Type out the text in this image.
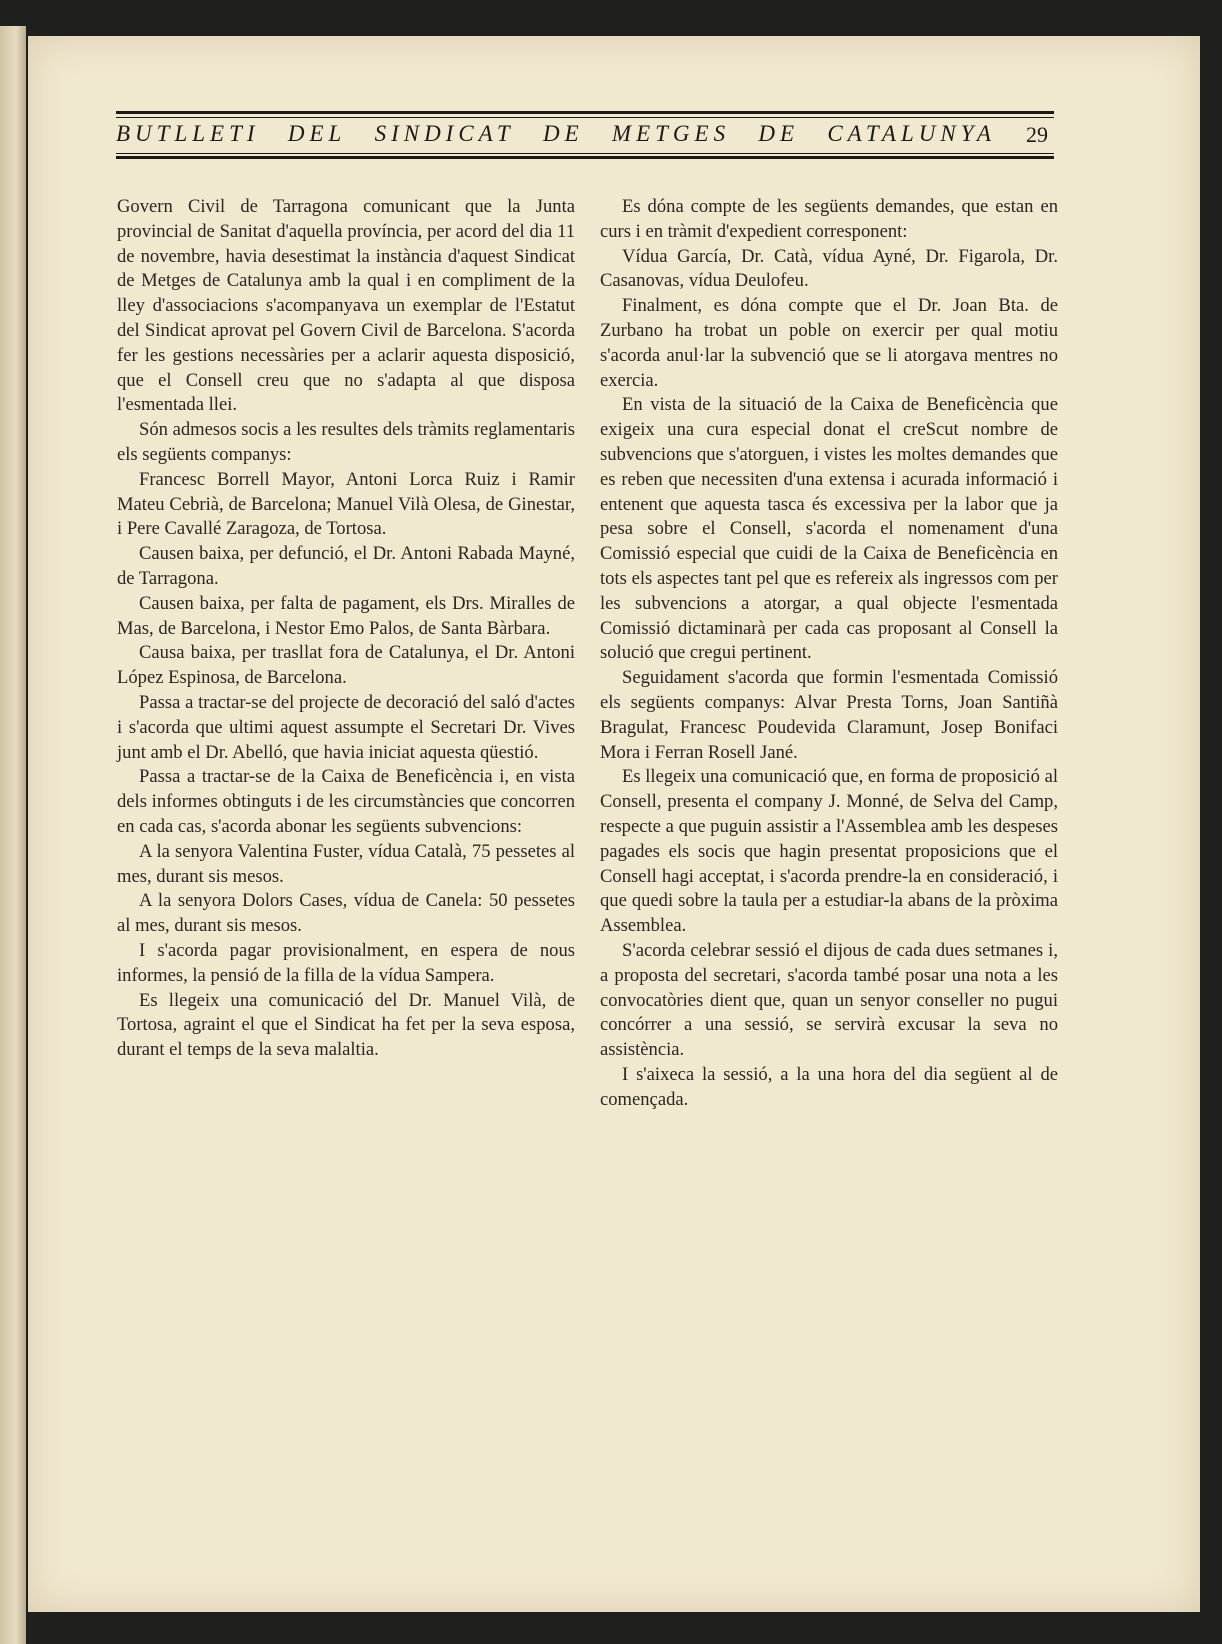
BUTLLETI DEL SINDICAT DE METGES DE CATALUNYA 29

Govern Civil de Tarragona comunicant que la Junta provincial de Sanitat d'aquella província, per acord del dia 11 de novembre, havia desestimat la instància d'aquest Sindicat de Metges de Catalunya amb la qual i en compliment de la lley d'associacions s'acompanyava un exemplar de l'Estatut del Sindicat aprovat pel Govern Civil de Barcelona. S'acorda fer les gestions necessàries per a aclarir aquesta disposició, que el Consell creu que no s'adapta al que disposa l'esmentada llei.

Són admesos socis a les resultes dels tràmits reglamentaris els següents companys:

Francesc Borrell Mayor, Antoni Lorca Ruiz i Ramir Mateu Cebrià, de Barcelona; Manuel Vilà Olesa, de Ginestar, i Pere Cavallé Zaragoza, de Tortosa.

Causen baixa, per defunció, el Dr. Antoni Rabada Mayné, de Tarragona.

Causen baixa, per falta de pagament, els Drs. Miralles de Mas, de Barcelona, i Nestor Emo Palos, de Santa Bàrbara.

Causa baixa, per trasllat fora de Catalunya, el Dr. Antoni López Espinosa, de Barcelona.

Passa a tractar-se del projecte de decoració del saló d'actes i s'acorda que ultimi aquest assumpte el Secretari Dr. Vives junt amb el Dr. Abelló, que havia iniciat aquesta qüestió.

Passa a tractar-se de la Caixa de Beneficència i, en vista dels informes obtinguts i de les circumstàncies que concorren en cada cas, s'acorda abonar les següents subvencions:

A la senyora Valentina Fuster, vídua Català, 75 pessetes al mes, durant sis mesos.

A la senyora Dolors Cases, vídua de Canela: 50 pessetes al mes, durant sis mesos.

I s'acorda pagar provisionalment, en espera de nous informes, la pensió de la filla de la vídua Sampera.

Es llegeix una comunicació del Dr. Manuel Vilà, de Tortosa, agraint el que el Sindicat ha fet per la seva esposa, durant el temps de la seva malaltia.

Es dóna compte de les següents demandes, que estan en curs i en tràmit d'expedient corresponent:

Vídua García, Dr. Catà, vídua Ayné, Dr. Figarola, Dr. Casanovas, vídua Deulofeu.

Finalment, es dóna compte que el Dr. Joan Bta. de Zurbano ha trobat un poble on exercir per qual motiu s'acorda anul·lar la subvenció que se li atorgava mentres no exercia.

En vista de la situació de la Caixa de Beneficència que exigeix una cura especial donat el creScut nombre de subvencions que s'atorguen, i vistes les moltes demandes que es reben que necessiten d'una extensa i acurada informació i entenent que aquesta tasca és excessiva per la labor que ja pesa sobre el Consell, s'acorda el nomenament d'una Comissió especial que cuidi de la Caixa de Beneficència en tots els aspectes tant pel que es refereix als ingressos com per les subvencions a atorgar, a qual objecte l'esmentada Comissió dictaminarà per cada cas proposant al Consell la solució que cregui pertinent.

Seguidament s'acorda que formin l'esmentada Comissió els següents companys: Alvar Presta Torns, Joan Santiñà Bragulat, Francesc Poudevida Claramunt, Josep Bonifaci Mora i Ferran Rosell Jané.

Es llegeix una comunicació que, en forma de proposició al Consell, presenta el company J. Monné, de Selva del Camp, respecte a que puguin assistir a l'Assemblea amb les despeses pagades els socis que hagin presentat proposicions que el Consell hagi acceptat, i s'acorda prendre-la en consideració, i que quedi sobre la taula per a estudiar-la abans de la pròxima Assemblea.

S'acorda celebrar sessió el dijous de cada dues setmanes i, a proposta del secretari, s'acorda també posar una nota a les convocatòries dient que, quan un senyor conseller no pugui concórrer a una sessió, se servirà excusar la seva no assistència.

I s'aixeca la sessió, a la una hora del dia següent al de començada.
